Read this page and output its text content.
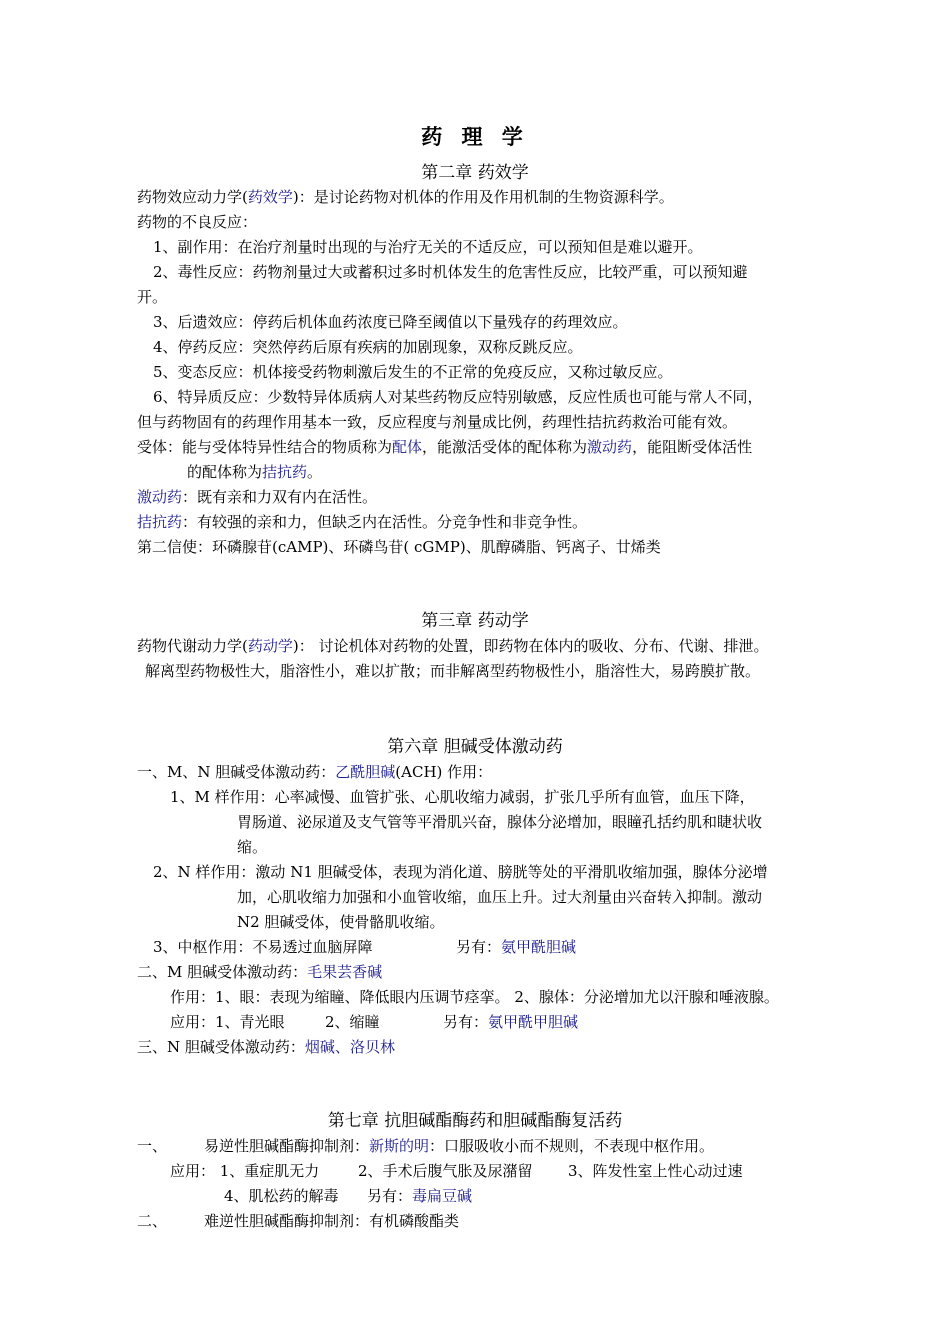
药 理 学
第二章 药效学
药物效应动力学(药效学)：是讨论药物对机体的作用及作用机制的生物资源科学。
药物的不良反应：
1、副作用：在治疗剂量时出现的与治疗无关的不适反应，可以预知但是难以避开。
2、毒性反应：药物剂量过大或蓄积过多时机体发生的危害性反应，比较严重，可以预知避
开。
3、后遗效应：停药后机体血药浓度已降至阈值以下量残存的药理效应。
4、停药反应：突然停药后原有疾病的加剧现象，双称反跳反应。
5、变态反应：机体接受药物刺激后发生的不正常的免疫反应，又称过敏反应。
6、特异质反应：少数特异体质病人对某些药物反应特别敏感，反应性质也可能与常人不同，
但与药物固有的药理作用基本一致，反应程度与剂量成比例，药理性拮抗药救治可能有效。
受体：能与受体特异性结合的物质称为配体，能激活受体的配体称为激动药，能阻断受体活性
的配体称为拮抗药。
激动药：既有亲和力双有内在活性。
拮抗药：有较强的亲和力，但缺乏内在活性。分竞争性和非竞争性。
第二信使：环磷腺苷(cAMP)、环磷鸟苷( cGMP)、肌醇磷脂、钙离子、廿烯类
第三章 药动学
药物代谢动力学(药动学)： 讨论机体对药物的处置，即药物在体内的吸收、分布、代谢、排泄。
解离型药物极性大，脂溶性小，难以扩散；而非解离型药物极性小，脂溶性大，易跨膜扩散。
第六章 胆碱受体激动药
一、M、N 胆碱受体激动药：乙酰胆碱(ACH) 作用：
1、M 样作用：心率减慢、血管扩张、心肌收缩力减弱，扩张几乎所有血管，血压下降，
胃肠道、泌尿道及支气管等平滑肌兴奋，腺体分泌增加，眼瞳孔括约肌和睫状收
缩。
2、N 样作用：激动 N1 胆碱受体，表现为消化道、膀胱等处的平滑肌收缩加强，腺体分泌增
加，心肌收缩力加强和小血管收缩，血压上升。过大剂量由兴奋转入抑制。激动
N2 胆碱受体，使骨骼肌收缩。
3、中枢作用：不易透过血脑屏障	另有：氨甲酰胆碱
二、M 胆碱受体激动药：毛果芸香碱
作用：1、眼：表现为缩瞳、降低眼内压调节痉挛。 2、腺体：分泌增加尤以汗腺和唾液腺。
应用：1、青光眼	2、缩瞳	另有：氨甲酰甲胆碱
三、N 胆碱受体激动药：烟碱、洛贝林
第七章 抗胆碱酯酶药和胆碱酯酶复活药
一、 易逆性胆碱酯酶抑制剂：新斯的明：口服吸收小而不规则，不表现中枢作用。
应用： 1、重症肌无力	2、手术后腹气胀及尿潴留 3、阵发性室上性心动过速
4、肌松药的解毒 另有：毒扁豆碱
二、 难逆性胆碱酯酶抑制剂：有机磷酸酯类
